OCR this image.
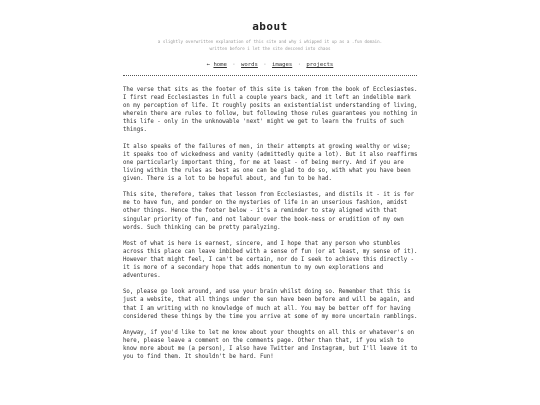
about
a slightly overwritten explanation of this site and why i whipped it up as a .fun domain.
written before i let the site descend into chaos
← home · words · images · projects

The verse that sits as the footer of this site is taken from the book of Ecclesiastes. I first read Ecclesiastes in full a couple years back, and it left an indelible mark on my perception of life. It roughly posits an existentialist understanding of living, wherein there are rules to follow, but following those rules guarantees you nothing in this life - only in the unknowable 'next' might we get to learn the fruits of such things.

It also speaks of the failures of men, in their attempts at growing wealthy or wise; it speaks too of wickedness and vanity (admittedly quite a lot). But it also reaffirms one particularly important thing, for me at least - of being merry. And if you are living within the rules as best as one can be glad to do so, with what you have been given. There is a lot to be hopeful about, and fun to be had.

This site, therefore, takes that lesson from Ecclesiastes, and distils it - it is for me to have fun, and ponder on the mysteries of life in an unserious fashion, amidst other things. Hence the footer below - it's a reminder to stay aligned with that singular priority of fun, and not labour over the book-ness or erudition of my own words. Such thinking can be pretty paralyzing.

Most of what is here is earnest, sincere, and I hope that any person who stumbles across this place can leave imbibed with a sense of fun (or at least, my sense of it). However that might feel, I can't be certain, nor do I seek to achieve this directly - it is more of a secondary hope that adds momentum to my own explorations and adventures.

So, please go look around, and use your brain whilst doing so. Remember that this is just a website, that all things under the sun have been before and will be again, and that I am writing with no knowledge of much at all. You may be better off for having considered these things by the time you arrive at some of my more uncertain ramblings.

Anyway, if you'd like to let me know about your thoughts on all this or whatever's on here, please leave a comment on the comments page. Other than that, if you wish to know more about me (a person), I also have Twitter and Instagram, but I'll leave it to you to find them. It shouldn't be hard. Fun!
